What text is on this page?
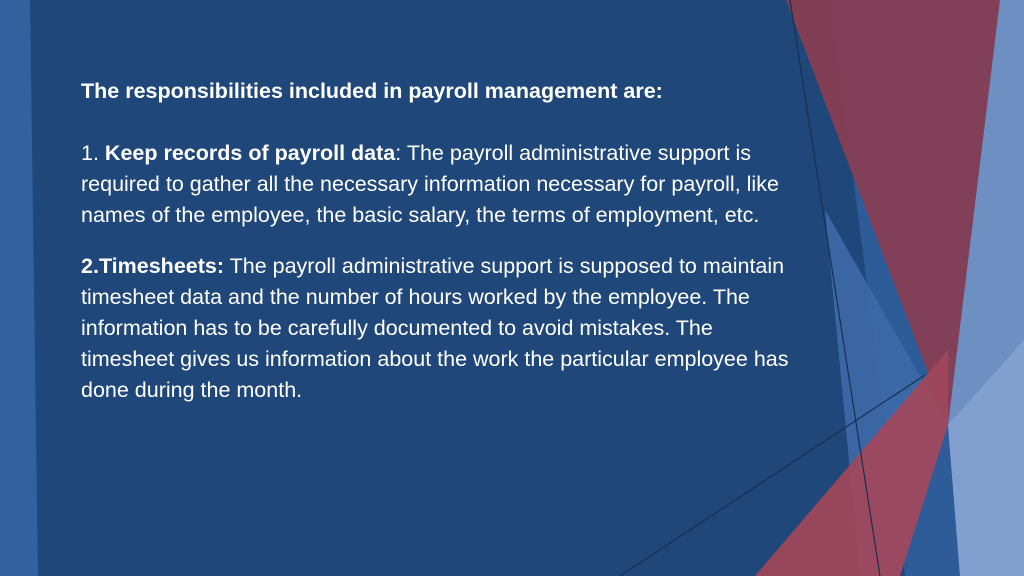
The responsibilities included in payroll management are:

1. Keep records of payroll data: The payroll administrative support is required to gather all the necessary information necessary for payroll, like names of the employee, the basic salary, the terms of employment, etc.

2.Timesheets: The payroll administrative support is supposed to maintain timesheet data and the number of hours worked by the employee. The information has to be carefully documented to avoid mistakes. The timesheet gives us information about the work the particular employee has done during the month.
